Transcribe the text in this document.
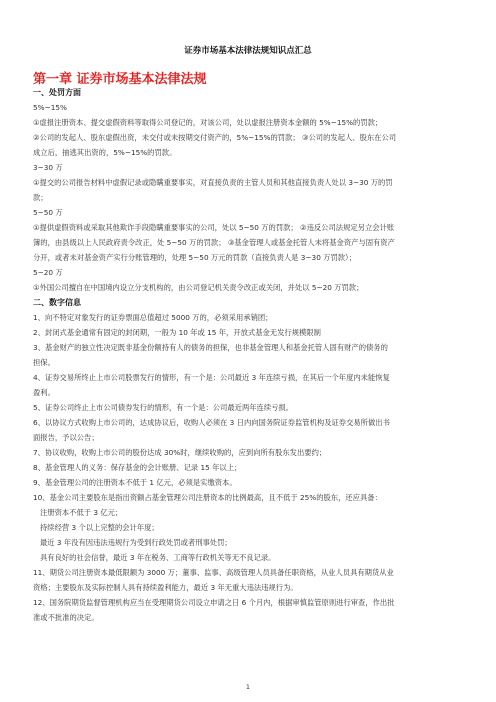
证券市场基本法律法规知识点汇总
第一章 证券市场基本法律法规
一、处罚方面
5%~15%
①虚报注册资本、提交虚假资料等取得公司登记的，对该公司，处以虚报注册资本金额的 5%~15%的罚款；
②公司的发起人、股东虚假出资，未交付或未按期交付资产的，5%~15%的罚款； ③公司的发起人、股东在公司
成立后，抽逃其出资的，5%~15%的罚款。
3~30 万
①提交的公司报告材料中虚假记录或隐瞒重要事实，对直接负责的主管人员和其他直接负责人处以 3~30 万的罚
款；
5~50 万
①提供虚假资料或采取其他欺诈手段隐瞒重要事实的公司，处以 5~50 万的罚款； ②违反公司法规定另立会计账
簿的，由县级以上人民政府责令改正，处 5~50 万的罚款； ③基金管理人或基金托管人未将基金资产与固有资产
分开，或者未对基金资产实行分账管理的，处理 5~50 万元的罚款（直接负责人是 3~30 万罚款）；
5~20 万
①外国公司擅自在中国境内设立分支机构的，由公司登记机关责令改正或关闭，并处以 5~20 万罚款；
二、数字信息
1、向不特定对象发行的证券票面总值超过 5000 万的，必须采用承销团；
2、封闭式基金通常有固定的封闭期，一般为 10 年或 15 年，开放式基金无发行规模限制
3、基金财产的独立性决定既非基金份额持有人的债务的担保，也非基金管理人和基金托管人固有财产的债务的
担保。
4、证券交易所终止上市公司股票发行的情形，有一个是：公司最近 3 年连续亏损，在其后一个年度内未能恢复
盈利。
5、证券公司终止上市公司债券发行的情形，有一个是：公司最近两年连续亏损。
6、以协议方式收购上市公司的，达成协议后，收购人必须在 3 日内向国务院证券监管机构及证券交易所做出书
面报告，予以公告；
7、协议收购，收购上市公司的股份达成 30%时，继续收购的，应到向所有股东发出要约；
8、基金管理人的义务：保存基金的会计账册、记录 15 年以上；
9、基金管理公司的注册资本不低于 1 亿元，必须是实缴资本。
10、基金公司主要股东是指出资额占基金管理公司注册资本的比例最高，且不低于 25%的股东，还应具备：
注册资本不低于 3 亿元；
持续经营 3 个以上完整的会计年度；
最近 3 年没有因违法违规行为受到行政处罚或者刑事处罚；
具有良好的社会信誉，最近 3 年在税务、工商等行政机关等无不良记录。
11、期货公司注册资本最低限额为 3000 万；董事、监事、高级管理人员具备任职资格，从业人员具有期货从业
资格；主要股东及实际控制人具有持续盈利能力，最近 3 年无重大违法违规行为。
12、国务院期货监督管理机构应当在受理期货公司设立申请之日 6 个月内，根据审慎监管原则进行审查，作出批
准或不批准的决定。
1
